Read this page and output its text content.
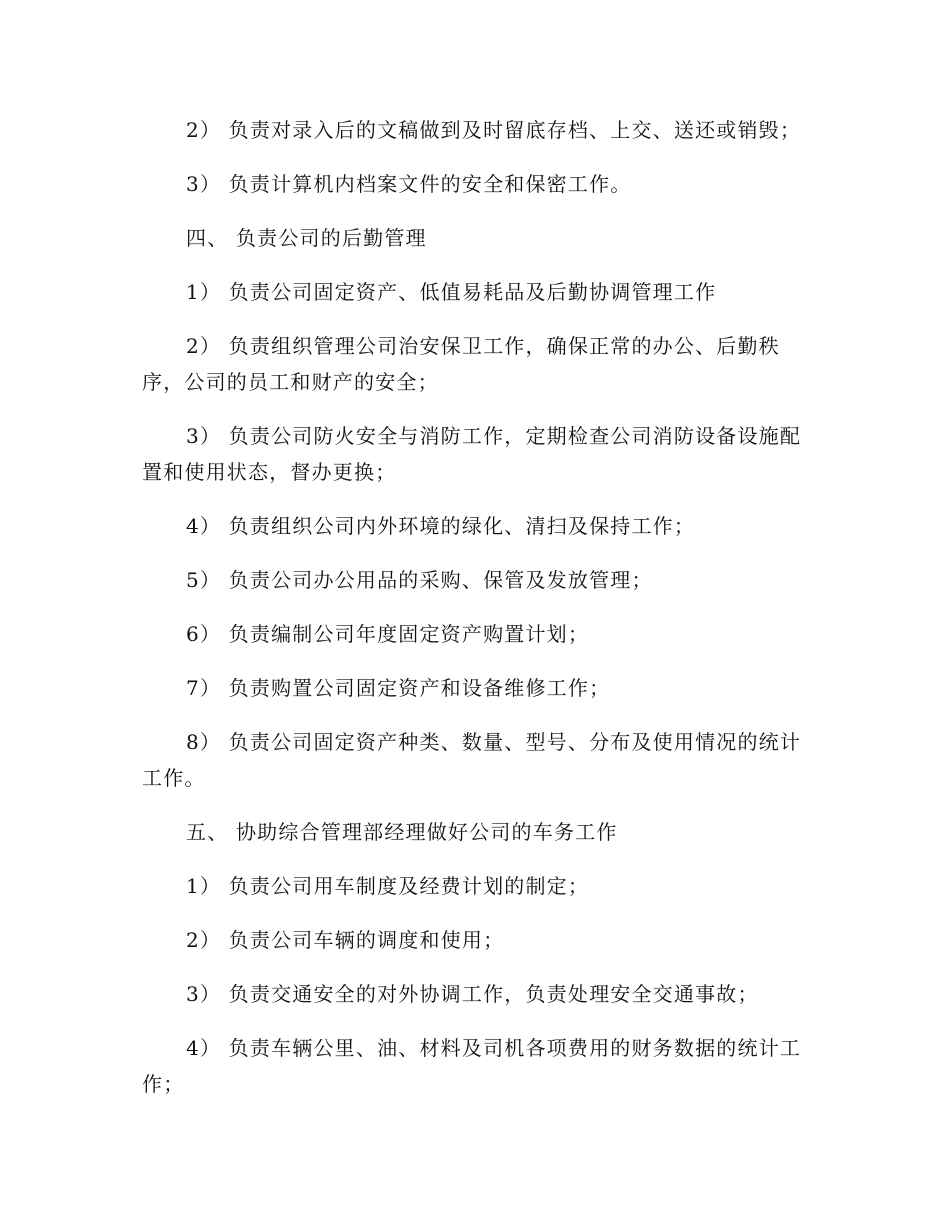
2） 负责对录入后的文稿做到及时留底存档、上交、送还或销毁；

3） 负责计算机内档案文件的安全和保密工作。

四、 负责公司的后勤管理

1） 负责公司固定资产、低值易耗品及后勤协调管理工作

2） 负责组织管理公司治安保卫工作，确保正常的办公、后勤秩序，公司的员工和财产的安全；

3） 负责公司防火安全与消防工作，定期检查公司消防设备设施配置和使用状态，督办更换；

4） 负责组织公司内外环境的绿化、清扫及保持工作；

5） 负责公司办公用品的采购、保管及发放管理；

6） 负责编制公司年度固定资产购置计划；

7） 负责购置公司固定资产和设备维修工作；

8） 负责公司固定资产种类、数量、型号、分布及使用情况的统计工作。

五、 协助综合管理部经理做好公司的车务工作

1） 负责公司用车制度及经费计划的制定；

2） 负责公司车辆的调度和使用；

3） 负责交通安全的对外协调工作，负责处理安全交通事故；

4） 负责车辆公里、油、材料及司机各项费用的财务数据的统计工作；
